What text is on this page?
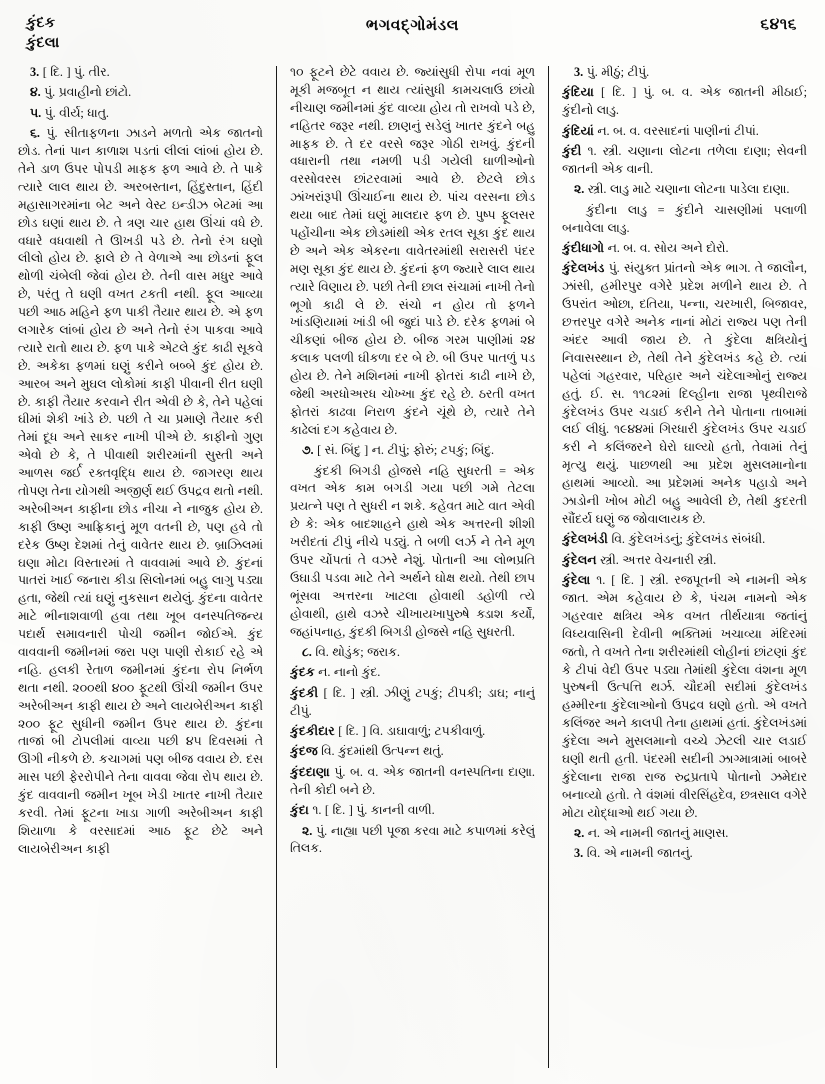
કુંદક
કુંદલા
ભગવદ્ગોમંડલ	૬૪૧૬
3. [ દિ. ] પું. તીર.
૪. પું. પ્રવાહીનો છાંટો.
૫. પું. વીર્ય; ધાતુ.
૬. પું. સીતાફળના ઝાડને મળતો એક જાતનો છોડ. તેનાં પાન કાળાશ પડતાં લીલાં લાંબાં હોય છે. તેને ડાળ ઉપર પોપડી માફક ફળ આવે છે. તે પાકે ત્યારે લાલ થાય છે. અરબસ્તાન, હિંદુસ્તાન, હિંદી મહાસાગરમાંના બેટ અને વેસ્ટ ઇન્ડીઝ બેટમાં આ છોડ ઘણાં થાય છે. તે ત્રણ ચાર હાથ ઊંચાં વધે છે. વધારે વધવાથી તે ઊખડી પડે છે. તેનો રંગ ઘણો લીલો હોય છે. ફાલે છે તે વેળાએ આ છોડનાં ફૂલ થોળી ચંબેલી જેવાં હોય છે. તેની વાસ મધુર આવે છે, પરંતુ તે ઘણી વખત ટકતી નથી. ફૂલ આવ્યા પછી આઠ મહિને ફળ પાકી તૈયાર થાય છે. એ ફળ લગારેક લાંબાં હોય છે અને તેનો રંગ પાકવા આવે ત્યારે રાતો થાય છે. ફળ પાકે એટલે કુંદ કાઢી સૂકવે છે. અકેકા ફળમાં ઘણું કરીને બબ્બે કુંદ હોય છે. આરબ અને મુઘલ લોકોમાં કાફી પીવાની રીત ઘણી છે. કાફી તૈયાર કરવાને રીત એવી છે કે, તેને પહેલાં ઘીમાં શેકી ખાંડે છે. પછી તે ચા પ્રમાણે તૈયાર કરી તેમાં દૂધ અને સાકર નાખી પીએ છે. કાફીનો ગુણ એવો છે કે, તે પીવાથી શરીરમાંની સુસ્તી અને આળસ જર્ઈ રક્તવૃદ્ધિ થાય છે. જાગરણ થાય તોપણ તેના યોગથી અજીર્ણ થઈ ઉપદ્રવ થતો નથી. અરેબીઅન કાફીના છોડ નીચા ને નાજુક હોય છે. કાફી ઉષ્ણ આફ્રિકાનું મૂળ વતની છે, પણ હવે તો દરેક ઉષ્ણ દેશમાં તેનું વાવેતર થાય છે. બ્રાઝિલમાં ઘણા મોટા વિસ્તારમાં તે વાવવામાં આવે છે. કુંદનાં પાતરાં ખાઈ જનારા કીડા સિલોનમાં બહુ લાગુ પડ્યા હતા, જેથી ત્યાં ઘણું નુકસાન થયેલું. કુંદના વાવેતર માટે ભીનાશવાળી હવા તથા ખૂબ વનસ્પતિજન્ય પદાર્થ સમાવનારી પોચી જમીન જોઈએ. કુંદ વાવવાની જમીનમાં જરા પણ પાણી રોકાઈ રહે એ નહિ. હલકી રેતાળ જમીનમાં કુંદના રોપ નિર્ભળ થતા નથી. ૨૦૦થી ૪૦૦ ફૂટથી ઊંચી જમીન ઉપર અરેબીઅન કાફી થાય છે અને લાયબેરીઅન કાફી ૨૦૦ ફૂટ સુધીની જમીન ઉપર થાય છે. કુંદના તાજાં બી ટોપલીમાં વાવ્યા પછી ૪૫ દિવસમાં તે ઊગી નીકળે છે. કચાગમાં પણ બીજ વવાય છે. દસ માસ પછી ફેરરોપીને તેના વાવવા જેવા રોપ થાય છે. કુંદ વાવવાની જમીન ખૂબ ખેડી ખાતર નાખી તૈયાર કરવી. તેમાં ફૂટના ખાડા ગાળી અરેબીઅન કાફી શિયાળા કે વરસાદમાં આઠ ફૂટ છેટે અને લાયબેરીઅન કાફી
૧૦ ફૂટને છેટે વવાય છે. જ્યાંસુધી રોપા નવાં મૂળ મૂકી મજબૂત ન થાય ત્યાંસુધી કામચલાઉ છાંયો નીચાણ જમીનમાં કુંદ વાવ્યા હોય તો રાખવો પડે છે, નહિતર જરૂર નથી. છાણનું સડેલું ખાતર કુંદને બહુ માફક છે. તે દર વરસે જરૂર ગોઠી રાખવું. કુંદની વધારાની તથા નમળી પડી ગયેલી ઘાળીઓનો વરસોવરસ છાંટરવામાં આવે છે. છેટલે છોડ ઝાંખરાંરૂપી ઊંચાઈના થાય છે. પાંચ વરસના છોડ થયા બાદ તેમાં ઘણું માલદાર ફળ છે. પુષ્પ ફૂલસર પહોંચીના એક છોડમાંથી એક રતલ સૂકા કુંદ થાય છે અને એક એકરના વાવેતરમાંથી સરાસરી પંદર મણ સૂકા કુંદ થાય છે. કુંદનાં ફળ જ્યારે લાલ થાય ત્યારે વિણાય છે. પછી તેની છાલ સંચામાં નાખી તેનો ભૂગો કાઢી લે છે. સંચો ન હોય તો ફળને ખાંડણિયામાં ખાંડી બી જુદાં પાડે છે. દરેક ફળમાં બે ચીકણાં બીજ હોય છે. બીજ ગરમ પાણીમાં ૨૪ કલાક પલળી ઘીકળા દર બે છે. બી ઉપર પાતળું પડ હોય છે. તેને મશિનમાં નાખી ફોતરાં કાઢી નાખે છે, જેથી અરધોઅરધ ચોખ્ખા કુંદ રહે છે. ઠરતી વખત ફોતરાં કાઢવા નિરાળ કુંદને ચૂંથે છે, ત્યારે તેને કાઢેલાં દગ કહેવાય છે.
૭. [ સં. બિંદુ ] ન. ટીપું; ફોરું; ટપકું; બિંદુ.
કુંદકી બિગડી હોજસે નહિ સુધરતી = એક વખત એક કામ બગડી ગયા પછી ગમે તેટલા પ્રયત્ને પણ તે સુધરી ન શકે. કહેવત માટે વાત એવી છે કે: એક બાદશાહને હાથે એક અત્તરની શીશી ખરીદતાં ટીપું નીચે પડ્યું. તે બળી લર્ઝ ને તેને મૂળ ઉપર ચોંપતાં તે વઝરે નેશું. પોતાની આ લોભપ્રતિ ઉઘાડી પડવા માટે તેને અર્થને ઘોક્ષ થયો. તેથી છાપ ભૂંસવા અત્તરના ખાટલા હોવાથી ડહોળી ત્યે હોવાથી, હાથે વઝરે ચીખાયખાપુરુષે ક્ડાશ કર્યોં, જહાંપનાહ, કુંદકી બિગડી હોજસે નહિ સુધરતી.
૮. વિ. થોડુંક; જરાક.
કુંદક ન. નાનો કુંદ.
કુંદકી [ દિ. ] સ્ત્રી. ઝીણું ટપકું; ટીપકી; ડાઘ; નાનું ટીપું.
કુંદકીદાર [ દિ. ] વિ. ડાઘાવાળું; ટપકીવાળું.
કુંદજ વિ. કુંદમાંથી ઉત્પન્ન થતું.
કુંદદાણા પું. બ. વ. એક જાતની વનસ્પતિના દાણા. તેની કોદી બને છે.
કુંદા ૧. [ દિ. ] પું. કાનની વાળી.
૨. પું. નાહ્યા પછી પૂજા કરવા માટે કપાળમાં કરેલું તિલક.
3. પું. મીઠું; ટીપું.
કુંદિયા [ દિ. ] પું. બ. વ. એક જાતની મીઠાઈ; કુંદીનો લાડુ.
કુંદિયાં ન. બ. વ. વરસાદનાં પાણીનાં ટીપાં.
કુંદી ૧. સ્ત્રી. ચણાના લોટના તળેલા દાણા; સેવની જાતની એક વાની.
૨. સ્ત્રી. લાડુ માટે ચણાના લોટના પાડેલા દાણા.
કુંદીના લાડુ = કુંદીને ચાસણીમાં પલાળી બનાવેલા લાડુ.
કુંદીધાગો ન. બ. વ. સોય અને દોરો.
કુંદેલખંડ પું. સંયુક્ત પ્રાંતનો એક ભાગ. તે જાલૌન, ઝાંસી, હમીરપુર વગેરે પ્રદેશ મળીને થાય છે. તે ઉપરાંત ઓછા, દતિયા, પન્ના, ચરખારી, બિજાવર, છત્તરપુર વગેરે અનેક નાનાં મોટાં રાજ્ય પણ તેની અંદર આવી જાય છે. તે કુંદેલા ક્ષત્રિયોનું નિવાસસ્થાન છે, તેથી તેને કુંદેલખંડ કહે છે. ત્યાં પહેલાં ગહરવાર, પરિહાર અને ચંદેલાઓનું રાજ્ય હતું. ઈ. સ. ૧૧૮૨માં દિલ્હીના રાજા પૃથ્વીરાજે કુંદેલખંડ ઉપર ચડાઈ કરીને તેને પોતાના તાબામાં લઈ લીધું. ૧૯૪૪માં ગિરધારી કુંદેલખંડ ઉપર ચડાઈ કરી ને કલિંજરને ઘેરો ઘાલ્યો હતો, તેવામાં તેનું મૃત્યુ થયું. પાછળથી આ પ્રદેશ મુસલમાનોના હાથમાં આવ્યો. આ પ્રદેશમાં અનેક પહાડો અને ઝાડોની ખોબ મોટી બહુ આવેલી છે, તેથી કુદરતી સૌંદર્ય ઘણું જ જોવાલાયક છે.
કુંદેલખંડી વિ. કુંદેલખંડનું; કુંદેલખંડ સંબંધી.
કુંદેલન સ્ત્રી. અત્તર વેચનારી સ્ત્રી.
કુંદેલા ૧. [ દિ. ] સ્ત્રી. રજપૂતની એ નામની એક જાત. એમ કહેવાય છે કે, પંચમ નામનો એક ગહરવાર ક્ષત્રિય એક વખત તીર્થયાત્રા જતાંનું વિધ્યવાસિની દેવીની ભક્તિમાં ખચાવ્યા મંદિરમાં જતો, તે વખતે તેના શરીરમાંથી લોહીનાં છાંટણાં કુંદ કે ટીપાં વેદી ઉપર પડ્યા તેમાંથી કુંદેલા વંશના મૂળ પુરુષની ઉત્પત્તિ થર્ઝ. ચૌદમી સદીમાં કુંદેલખંડ હમ્મીરના કુંદેલાઓનો ઉપદ્રવ ઘણો હતો. એ વખતે કલિંજર અને કાલપી તેના હાથમાં હતાં. કુંદેલખંડમાં કુંદેલા અને મુસલમાનો વચ્ચે ઝેટલી ચાર લડાઈ ઘણી થતી હતી. પંદરમી સદીની ઝાગ્માત્રામાં બાબરે કુંદેલાના રાજા રાજ રુદ્રપ્રતાપે પોતાનો ઝમેદાર બનાવ્યો હતો. તે વંશમાં વીરસિંહદેવ, છત્રસાલ વગેરે મોટા યોદ્ધાઓ થઈ ગયા છે.
૨. ન. એ નામની જાતનું માણસ.
3. વિ. એ નામની જાતનું.
